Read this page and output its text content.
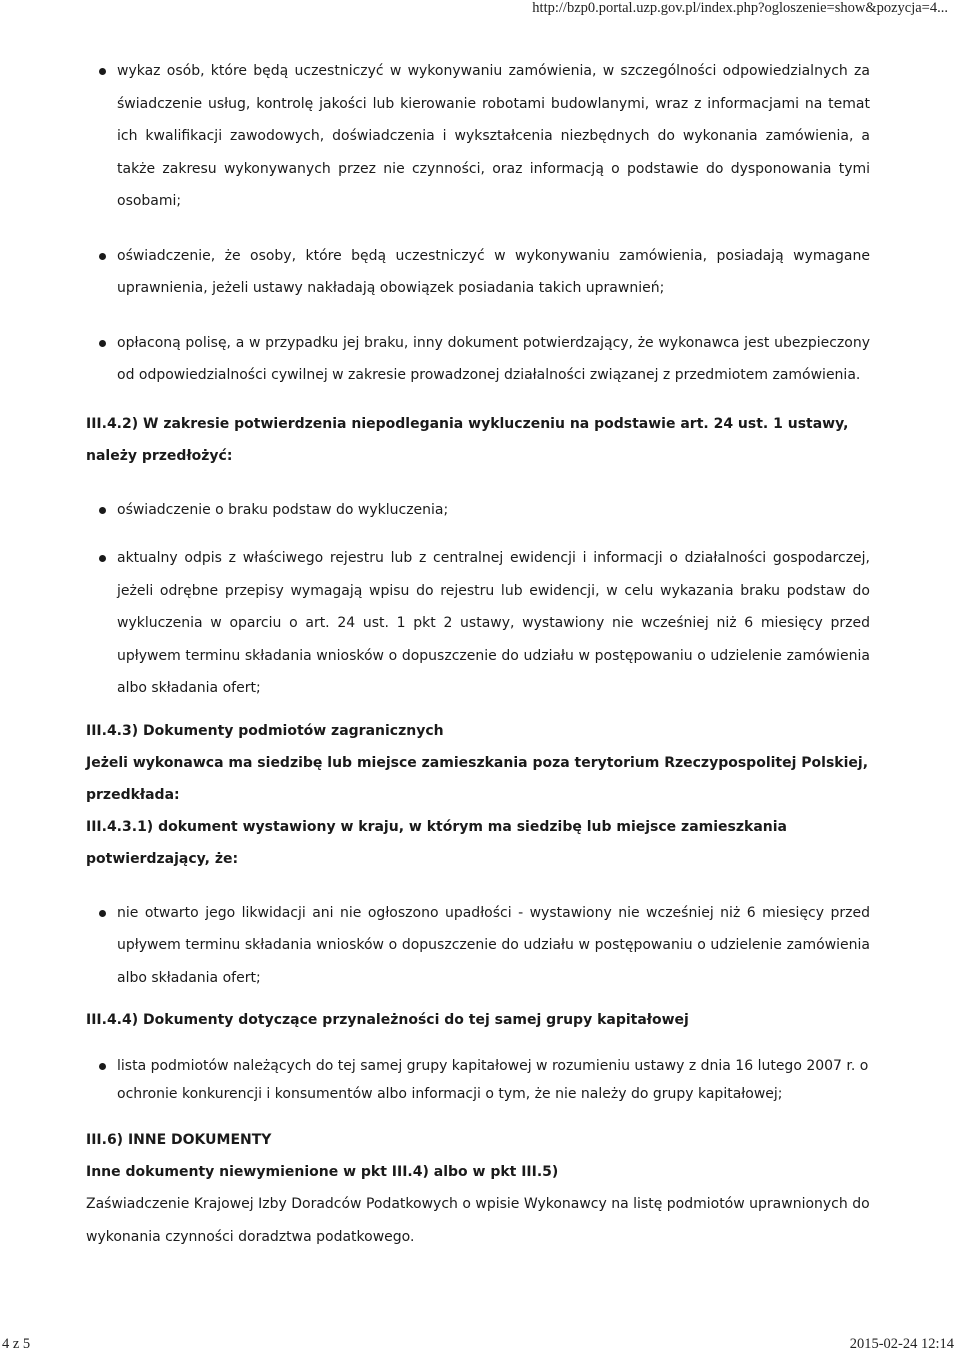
http://bzp0.portal.uzp.gov.pl/index.php?ogloszenie=show&pozycja=4...
wykaz osób, które będą uczestniczyć w wykonywaniu zamówienia, w szczególności odpowiedzialnych za świadczenie usług, kontrolę jakości lub kierowanie robotami budowlanymi, wraz z informacjami na temat ich kwalifikacji zawodowych, doświadczenia i wykształcenia niezbędnych do wykonania zamówienia, a także zakresu wykonywanych przez nie czynności, oraz informacją o podstawie do dysponowania tymi osobami;
oświadczenie, że osoby, które będą uczestniczyć w wykonywaniu zamówienia, posiadają wymagane uprawnienia, jeżeli ustawy nakładają obowiązek posiadania takich uprawnień;
opłaconą polisę, a w przypadku jej braku, inny dokument potwierdzający, że wykonawca jest ubezpieczony od odpowiedzialności cywilnej w zakresie prowadzonej działalności związanej z przedmiotem zamówienia.

III.4.2) W zakresie potwierdzenia niepodlegania wykluczeniu na podstawie art. 24 ust. 1 ustawy, należy przedłożyć:

oświadczenie o braku podstaw do wykluczenia;
aktualny odpis z właściwego rejestru lub z centralnej ewidencji i informacji o działalności gospodarczej, jeżeli odrębne przepisy wymagają wpisu do rejestru lub ewidencji, w celu wykazania braku podstaw do wykluczenia w oparciu o art. 24 ust. 1 pkt 2 ustawy, wystawiony nie wcześniej niż 6 miesięcy przed upływem terminu składania wniosków o dopuszczenie do udziału w postępowaniu o udzielenie zamówienia albo składania ofert;

III.4.3) Dokumenty podmiotów zagranicznych

Jeżeli wykonawca ma siedzibę lub miejsce zamieszkania poza terytorium Rzeczypospolitej Polskiej, przedkłada:

III.4.3.1) dokument wystawiony w kraju, w którym ma siedzibę lub miejsce zamieszkania potwierdzający, że:

nie otwarto jego likwidacji ani nie ogłoszono upadłości - wystawiony nie wcześniej niż 6 miesięcy przed upływem terminu składania wniosków o dopuszczenie do udziału w postępowaniu o udzielenie zamówienia albo składania ofert;

III.4.4) Dokumenty dotyczące przynależności do tej samej grupy kapitałowej

lista podmiotów należących do tej samej grupy kapitałowej w rozumieniu ustawy z dnia 16 lutego 2007 r. o ochronie konkurencji i konsumentów albo informacji o tym, że nie należy do grupy kapitałowej;

III.6) INNE DOKUMENTY

Inne dokumenty niewymienione w pkt III.4) albo w pkt III.5)

Zaświadczenie Krajowej Izby Doradców Podatkowych o wpisie Wykonawcy na listę podmiotów uprawnionych do wykonania czynności doradztwa podatkowego.

4 z 5	2015-02-24 12:14
